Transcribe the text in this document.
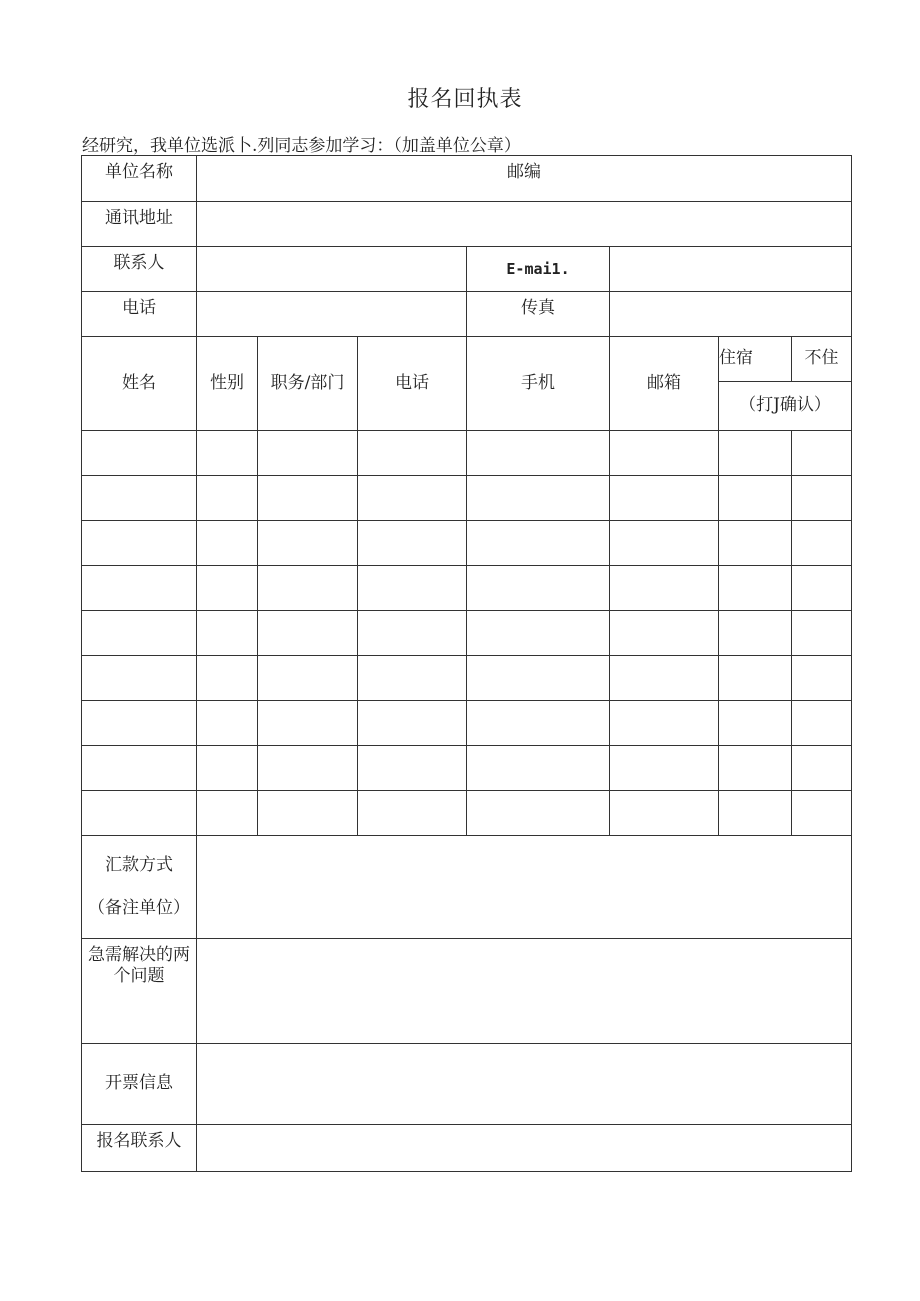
报名回执表
经研究，我单位选派卜.列同志参加学习：（加盖单位公章）
单位名称	邮编						
通讯地址							
联系人				E-mai1.			
电话				传真			
姓名	性别	职务/部门	电话	手机	邮箱	住宿	不住
						（打J确认）	

汇款方式
（备注单位）							

急需解决的两个问题							
开票信息							
报名联系人							
